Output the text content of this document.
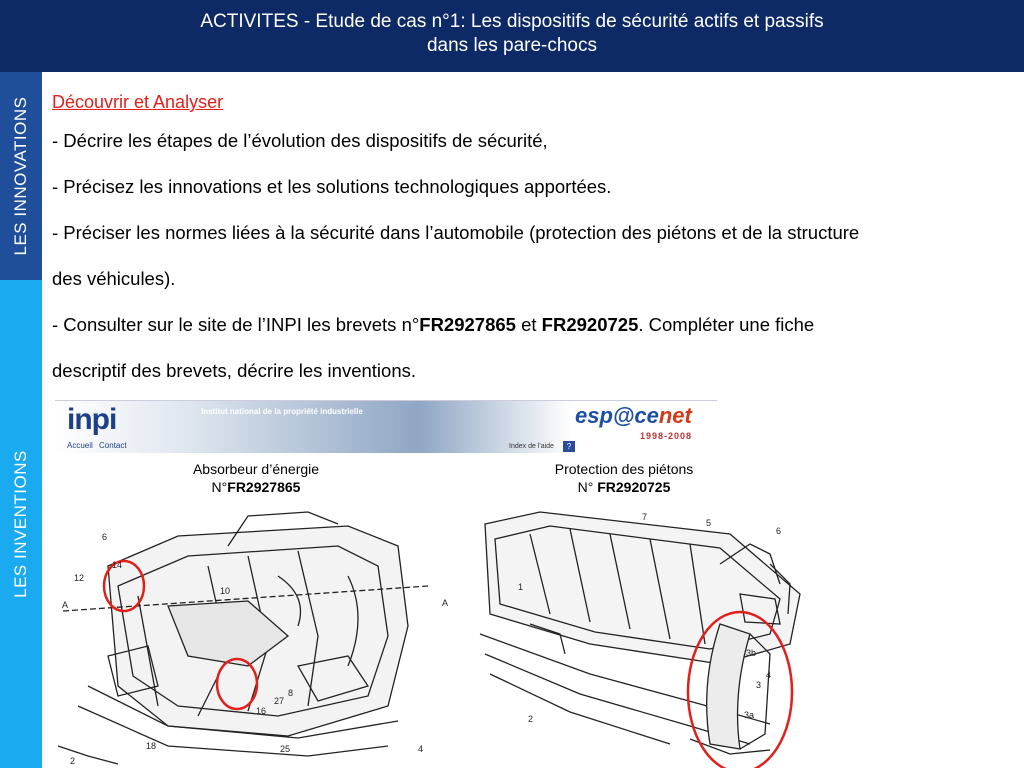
ACTIVITES - Etude de cas n°1: Les dispositifs de sécurité actifs et passifs
dans les pare-chocs
LES INNOVATIONS
LES INVENTIONS
Découvrir et Analyser
- Décrire les étapes de l’évolution des dispositifs de sécurité,
- Précisez les innovations et les solutions technologiques apportées.
- Préciser les normes liées à la sécurité dans l’automobile (protection des piétons et de la structure
des véhicules).
- Consulter sur le site de l’INPI les brevets n°FR2927865 et FR2920725. Compléter une fiche
descriptif des brevets, décrire les inventions.
inpi
Accueil Contact
Institut national de la propriété industrielle
Index de l'aide	?
esp@cenet
1998-2008
Absorbeur d’énergie
N°FR2927865
Protection des piétons
N° FR2920725
6
14
12
A
10
A
8
27
16
18	25	4
2
7
5
6
1
3b
4
3
3a
2
